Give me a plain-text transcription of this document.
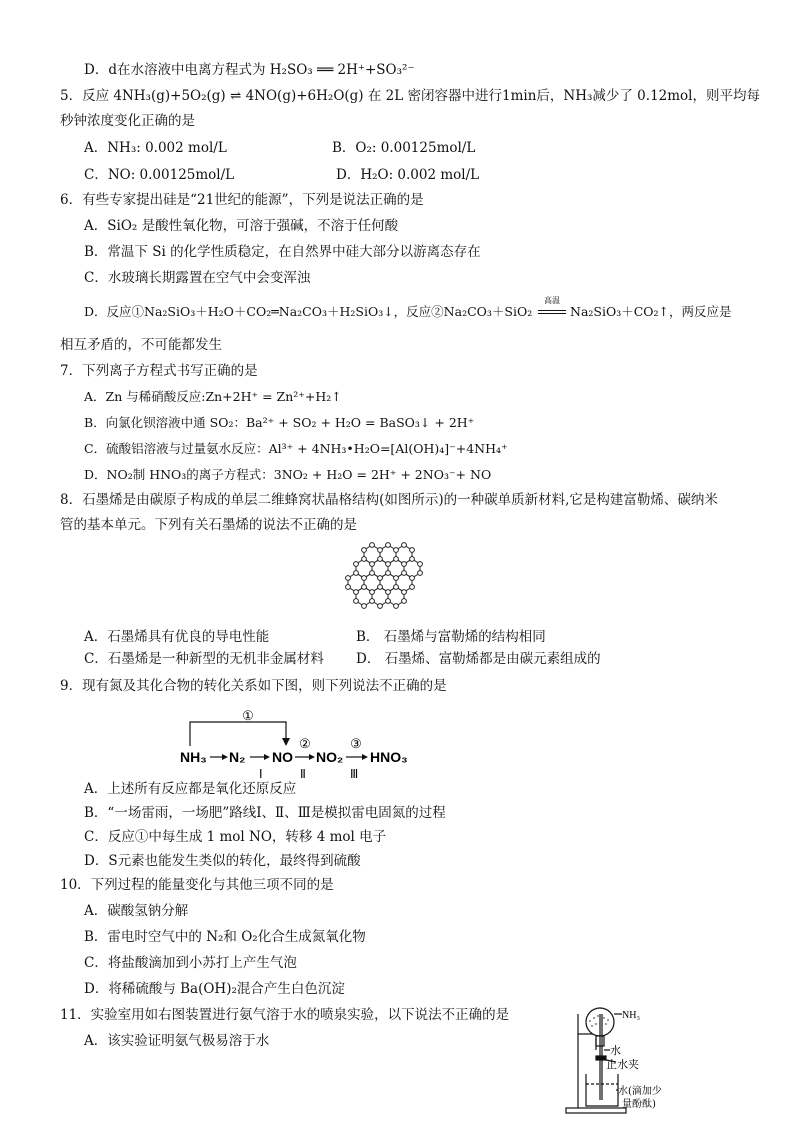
D．d在水溶液中电离方程式为 H₂SO₃ ══ 2H⁺+SO₃²⁻
5．反应 4NH₃(g)+5O₂(g) ⇌ 4NO(g)+6H₂O(g) 在 2L 密闭容器中进行1min后，NH₃减少了 0.12mol，则平均每
秒钟浓度变化正确的是
A．NH₃: 0.002 mol/L	B．O₂: 0.00125mol/L
C．NO: 0.00125mol/L	D．H₂O: 0.002 mol/L
6．有些专家提出硅是“21世纪的能源”，下列是说法正确的是
A．SiO₂ 是酸性氧化物，可溶于强碱，不溶于任何酸
B．常温下 Si 的化学性质稳定，在自然界中硅大部分以游离态存在
C．水玻璃长期露置在空气中会变浑浊
D．反应①Na₂SiO₃＋H₂O＋CO₂═Na₂CO₃＋H₂SiO₃↓，反应②Na₂CO₃＋SiO₂
高温
Na₂SiO₃＋CO₂↑，两反应是
相互矛盾的，不可能都发生
7．下列离子方程式书写正确的是
A．Zn 与稀硝酸反应:Zn+2H⁺ = Zn²⁺+H₂↑
B．向氯化钡溶液中通 SO₂：Ba²⁺ + SO₂ + H₂O = BaSO₃↓ + 2H⁺
C．硫酸铝溶液与过量氨水反应：Al³⁺ + 4NH₃•H₂O=[Al(OH)₄]⁻+4NH₄⁺
D．NO₂制 HNO₃的离子方程式：3NO₂ + H₂O = 2H⁺ + 2NO₃⁻+ NO
8．石墨烯是由碳原子构成的单层二维蜂窝状晶格结构(如图所示)的一种碳单质新材料,它是构建富勒烯、碳纳米
管的基本单元。下列有关石墨烯的说法不正确的是
A．石墨烯具有优良的导电性能	B． 石墨烯与富勒烯的结构相同
C．石墨烯是一种新型的无机非金属材料 D． 石墨烯、富勒烯都是由碳元素组成的
9．现有氮及其化合物的转化关系如下图，则下列说法不正确的是
①
NH₃ N₂
Ⅰ
NO
②
Ⅱ
NO₂
③
Ⅲ
HNO₃
A．上述所有反应都是氧化还原反应
B．“一场雷雨，一场肥”路线Ⅰ、Ⅱ、Ⅲ是模拟雷电固氮的过程
C．反应①中每生成 1 mol NO，转移 4 mol 电子
D．S元素也能发生类似的转化，最终得到硫酸
10．下列过程的能量变化与其他三项不同的是
A．碳酸氢钠分解
B．雷电时空气中的 N₂和 O₂化合生成氮氧化物
C．将盐酸滴加到小苏打上产生气泡
D．将稀硫酸与 Ba(OH)₂混合产生白色沉淀
11．实验室用如右图装置进行氨气溶于水的喷泉实验，以下说法不正确的是
A．该实验证明氨气极易溶于水
NH₃
水
止水夹
水(滴加少
量酚酞)
